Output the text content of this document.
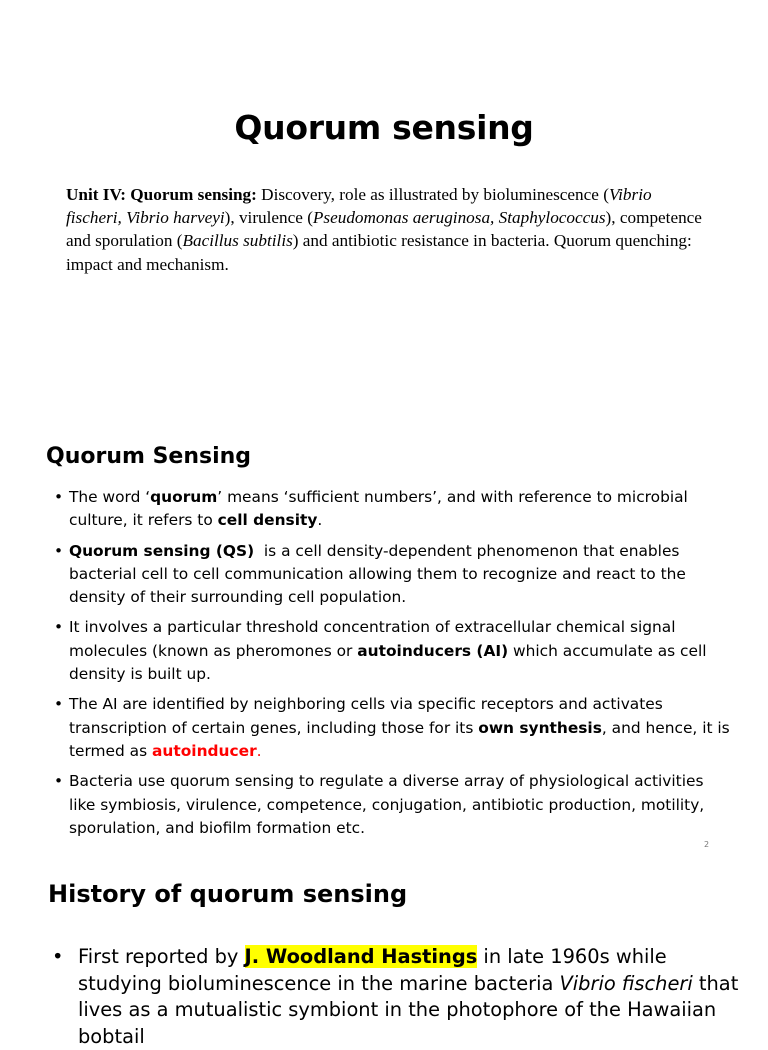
Quorum sensing

Unit IV: Quorum sensing: Discovery, role as illustrated by bioluminescence (Vibrio fischeri, Vibrio harveyi), virulence (Pseudomonas aeruginosa, Staphylococcus), competence and sporulation (Bacillus subtilis) and antibiotic resistance in bacteria. Quorum quenching: impact and mechanism.

Quorum Sensing
• The word ‘quorum’ means ‘sufficient numbers’, and with reference to microbial culture, it refers to cell density.
• Quorum sensing (QS)  is a cell density-dependent phenomenon that enables bacterial cell to cell communication allowing them to recognize and react to the density of their surrounding cell population.
• It involves a particular threshold concentration of extracellular chemical signal molecules (known as pheromones or autoinducers (AI) which accumulate as cell density is built up.
• The AI are identified by neighboring cells via specific receptors and activates transcription of certain genes, including those for its own synthesis, and hence, it is termed as autoinducer.
• Bacteria use quorum sensing to regulate a diverse array of physiological activities like symbiosis, virulence, competence, conjugation, antibiotic production, motility, sporulation, and biofilm formation etc.
2
History of quorum sensing
• First reported by J. Woodland Hastings in late 1960s while studying bioluminescence in the marine bacteria Vibrio fischeri that lives as a mutualistic symbiont in the photophore of the Hawaiian bobtail
